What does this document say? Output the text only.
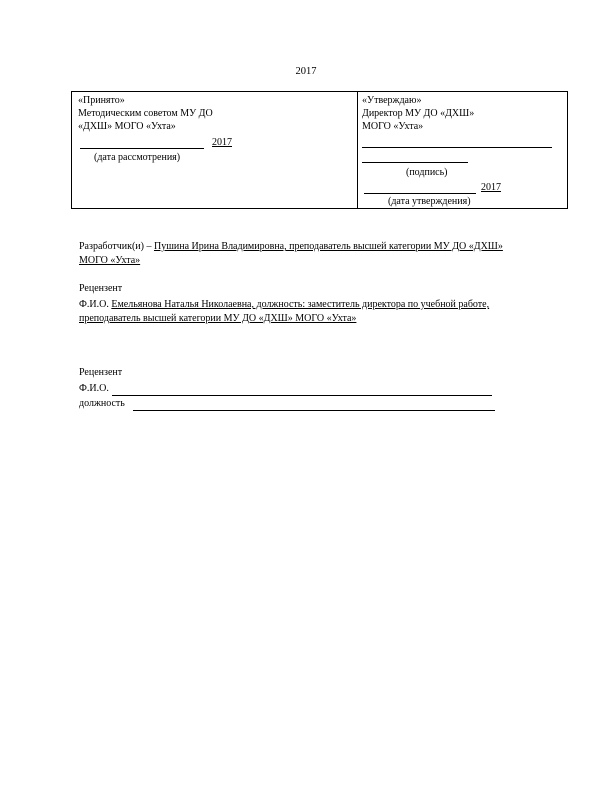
2017
«Принято»
Методическим советом МУ ДО
«ДХШ» МОГО «Ухта»
2017
(дата рассмотрения)
«Утверждаю»
Директор МУ ДО «ДХШ»
МОГО «Ухта»
(подпись)
2017
(дата утверждения)
Разработчик(и) – Пушина Ирина Владимировна, преподаватель высшей категории МУ ДО «ДХШ»
МОГО «Ухта»
Рецензент
Ф.И.О. Емельянова Наталья Николаевна, должность: заместитель директора по учебной работе,
преподаватель высшей категории МУ ДО «ДХШ» МОГО «Ухта»
Рецензент
Ф.И.О.
должность
